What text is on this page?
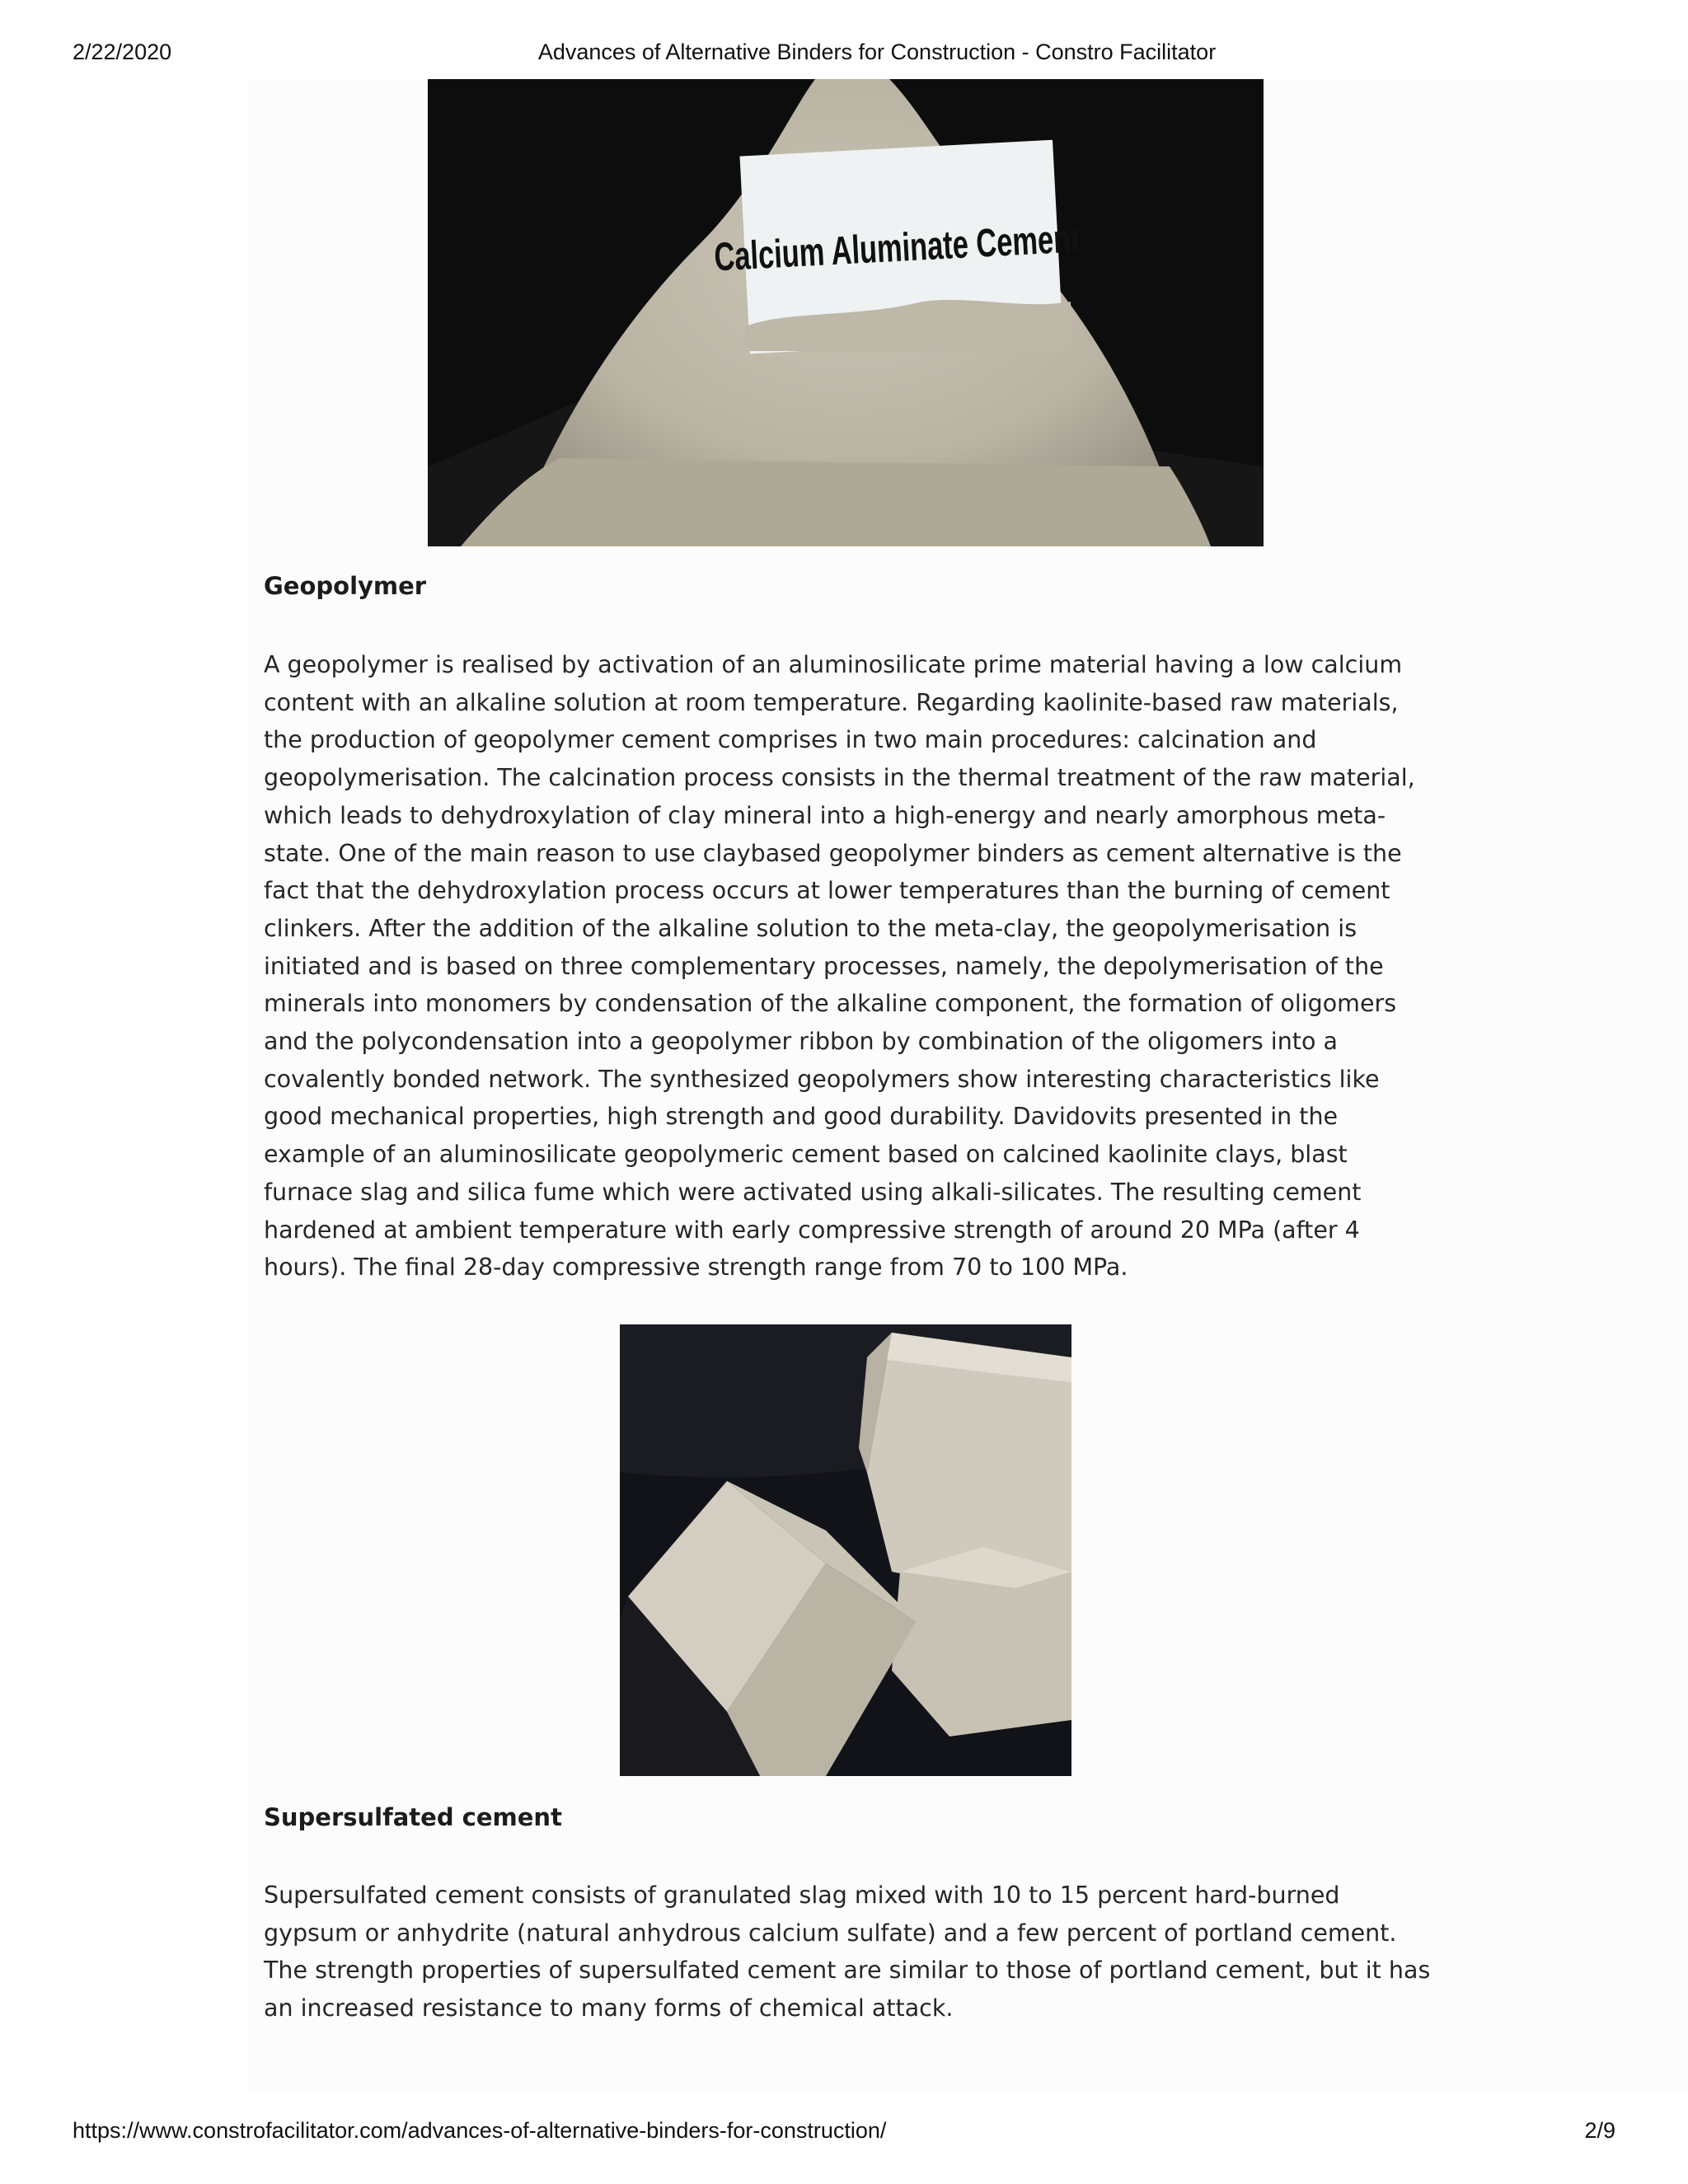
2/22/2020	Advances of Alternative Binders for Construction - Constro Facilitator
Calcium Aluminate Cement
Geopolymer

A geopolymer is realised by activation of an aluminosilicate prime material having a low calcium content with an alkaline solution at room temperature. Regarding kaolinite-based raw materials, the production of geopolymer cement comprises in two main procedures: calcination and geopolymerisation. The calcination process consists in the thermal treatment of the raw material, which leads to dehydroxylation of clay mineral into a high-energy and nearly amorphous meta-state. One of the main reason to use claybased geopolymer binders as cement alternative is the fact that the dehydroxylation process occurs at lower temperatures than the burning of cement clinkers. After the addition of the alkaline solution to the meta-clay, the geopolymerisation is initiated and is based on three complementary processes, namely, the depolymerisation of the minerals into monomers by condensation of the alkaline component, the formation of oligomers and the polycondensation into a geopolymer ribbon by combination of the oligomers into a covalently bonded network. The synthesized geopolymers show interesting characteristics like good mechanical properties, high strength and good durability. Davidovits presented in the example of an aluminosilicate geopolymeric cement based on calcined kaolinite clays, blast furnace slag and silica fume which were activated using alkali-silicates. The resulting cement hardened at ambient temperature with early compressive strength of around 20 MPa (after 4 hours). The final 28-day compressive strength range from 70 to 100 MPa.

Supersulfated cement

Supersulfated cement consists of granulated slag mixed with 10 to 15 percent hard-burned gypsum or anhydrite (natural anhydrous calcium sulfate) and a few percent of portland cement. The strength properties of supersulfated cement are similar to those of portland cement, but it has an increased resistance to many forms of chemical attack.

https://www.constrofacilitator.com/advances-of-alternative-binders-for-construction/	2/9
